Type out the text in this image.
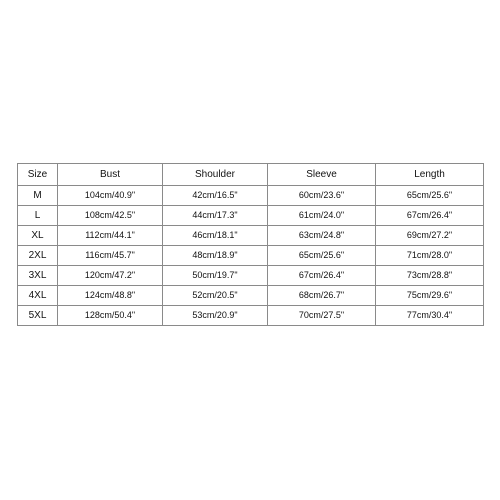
Size	Bust	Shoulder	Sleeve	Length
M	104cm/40.9"	42cm/16.5"	60cm/23.6"	65cm/25.6"
L	108cm/42.5"	44cm/17.3"	61cm/24.0"	67cm/26.4"
XL	112cm/44.1"	46cm/18.1"	63cm/24.8"	69cm/27.2"
2XL	116cm/45.7"	48cm/18.9"	65cm/25.6"	71cm/28.0"
3XL	120cm/47.2"	50cm/19.7"	67cm/26.4"	73cm/28.8"
4XL	124cm/48.8"	52cm/20.5"	68cm/26.7"	75cm/29.6"
5XL	128cm/50.4"	53cm/20.9"	70cm/27.5"	77cm/30.4"
